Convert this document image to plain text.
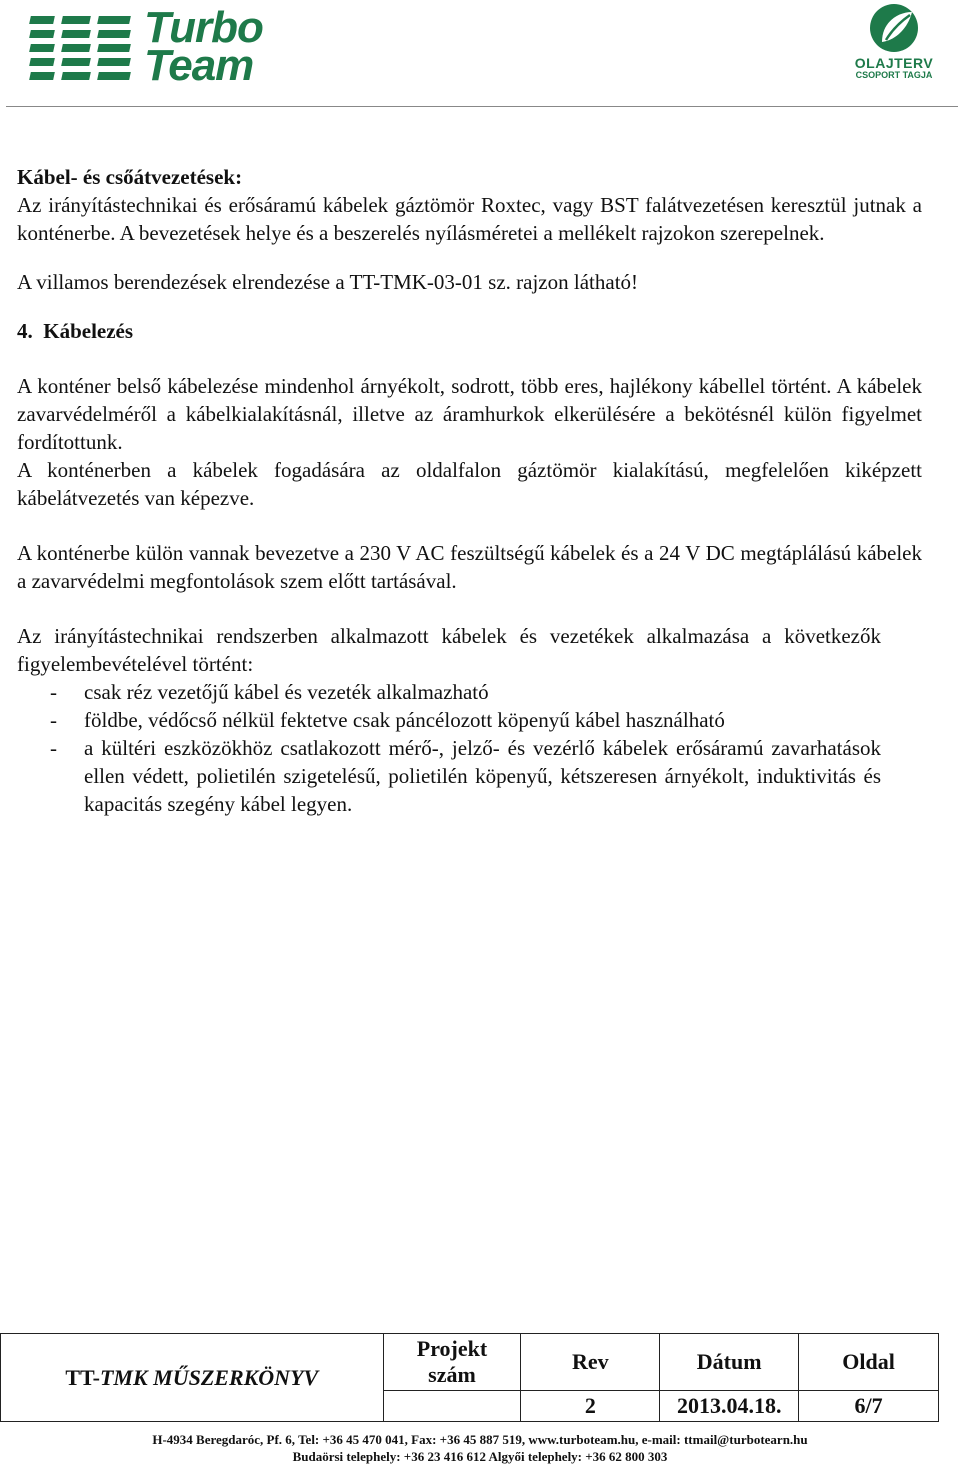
Turbo
Team	OLAJTERV
CSOPORT TAGJA

Kábel- és csőátvezetések:

Az irányítástechnikai és erősáramú kábelek gáztömör Roxtec, vagy BST falátvezetésen keresztül jutnak a konténerbe. A bevezetések helye és a beszerelés nyílásméretei a mellékelt rajzokon szerepelnek.

A villamos berendezések elrendezése a TT-TMK-03-01 sz. rajzon látható!

4.  Kábelezés

A konténer belső kábelezése mindenhol árnyékolt, sodrott, több eres, hajlékony kábellel történt. A kábelek zavarvédelméről a kábelkialakításnál, illetve az áramhurkok elkerülésére a bekötésnél külön figyelmet fordítottunk.

A konténerben a kábelek fogadására az oldalfalon gáztömör kialakítású, megfelelően kiképzett kábelátvezetés van képezve.

A konténerbe külön vannak bevezetve a 230 V AC feszültségű kábelek és a 24 V DC megtáplálású kábelek a zavarvédelmi megfontolások szem előtt tartásával.

Az irányítástechnikai rendszerben alkalmazott kábelek és vezetékek alkalmazása a következők figyelembevételével történt:

- csak réz vezetőjű kábel és vezeték alkalmazható
- földbe, védőcső nélkül fektetve csak páncélozott köpenyű kábel használható
- a kültéri eszközökhöz csatlakozott mérő-, jelző- és vezérlő kábelek erősáramú zavarhatások ellen védett, polietilén szigetelésű, polietilén köpenyű, kétszeresen árnyékolt, induktivitás és kapacitás szegény kábel legyen.
TT-TMK MŰSZERKÖNYV	Projekt szám	Rev	Dátum	Oldal
		2	2013.04.18.	6/7
H-4934 Beregdaróc, Pf. 6, Tel: +36 45 470 041, Fax: +36 45 887 519, www.turboteam.hu, e-mail: ttmail@turbotearn.hu
Budaörsi telephely: +36 23 416 612 Algyői telephely: +36 62 800 303
